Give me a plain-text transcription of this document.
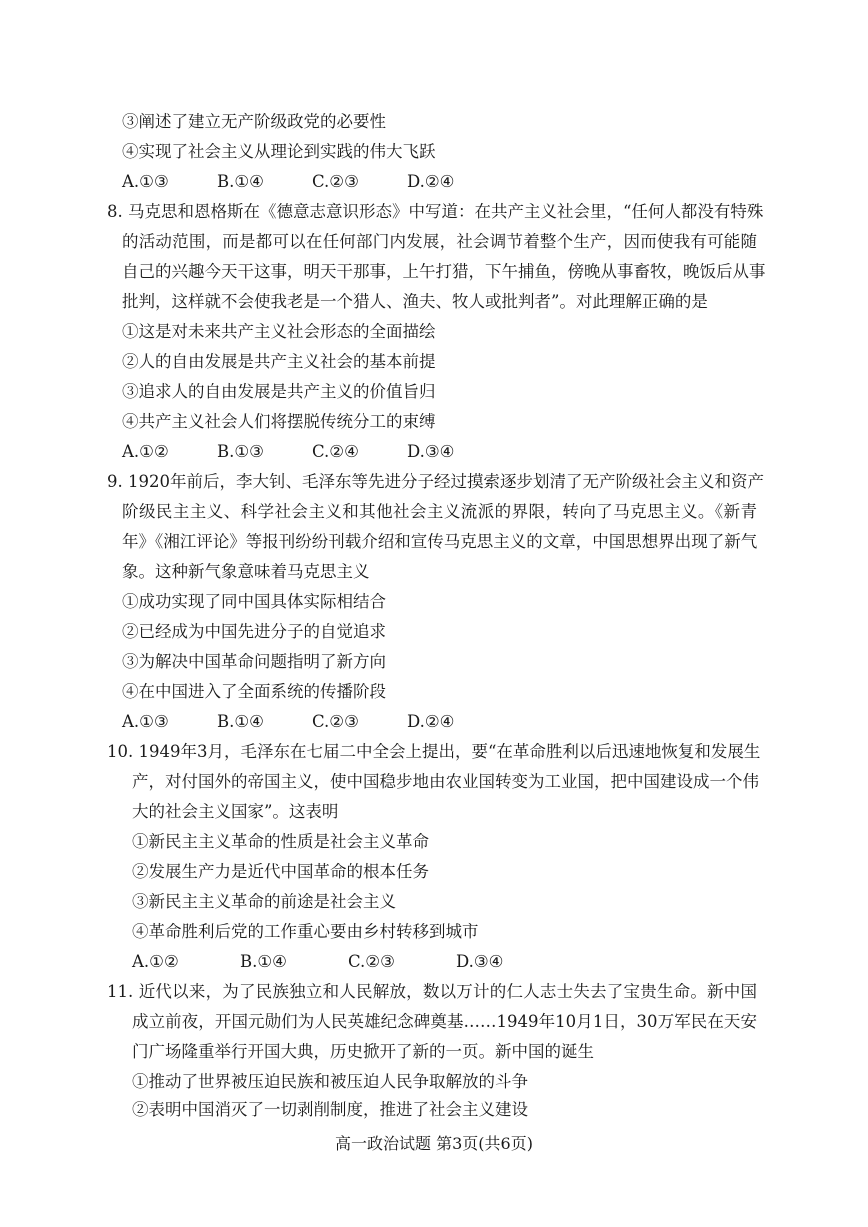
③阐述了建立无产阶级政党的必要性
④实现了社会主义从理论到实践的伟大飞跃
A.①③	B.①④	C.②③	D.②④
8. 马克思和恩格斯在《德意志意识形态》中写道：在共产主义社会里，“任何人都没有特殊
的活动范围，而是都可以在任何部门内发展，社会调节着整个生产，因而使我有可能随
自己的兴趣今天干这事，明天干那事，上午打猎，下午捕鱼，傍晚从事畜牧，晚饭后从事
批判，这样就不会使我老是一个猎人、渔夫、牧人或批判者”。对此理解正确的是
①这是对未来共产主义社会形态的全面描绘
②人的自由发展是共产主义社会的基本前提
③追求人的自由发展是共产主义的价值旨归
④共产主义社会人们将摆脱传统分工的束缚
A.①②	B.①③	C.②④	D.③④
9. 1920年前后，李大钊、毛泽东等先进分子经过摸索逐步划清了无产阶级社会主义和资产
阶级民主主义、科学社会主义和其他社会主义流派的界限，转向了马克思主义。《新青
年》《湘江评论》等报刊纷纷刊载介绍和宣传马克思主义的文章，中国思想界出现了新气
象。这种新气象意味着马克思主义
①成功实现了同中国具体实际相结合
②已经成为中国先进分子的自觉追求
③为解决中国革命问题指明了新方向
④在中国进入了全面系统的传播阶段
A.①③	B.①④	C.②③	D.②④
10. 1949年3月，毛泽东在七届二中全会上提出，要“在革命胜利以后迅速地恢复和发展生
产，对付国外的帝国主义，使中国稳步地由农业国转变为工业国，把中国建设成一个伟
大的社会主义国家”。这表明
①新民主主义革命的性质是社会主义革命
②发展生产力是近代中国革命的根本任务
③新民主主义革命的前途是社会主义
④革命胜利后党的工作重心要由乡村转移到城市
A.①②	B.①④	C.②③	D.③④
11. 近代以来，为了民族独立和人民解放，数以万计的仁人志士失去了宝贵生命。新中国
成立前夜，开国元勋们为人民英雄纪念碑奠基……1949年10月1日，30万军民在天安
门广场隆重举行开国大典，历史掀开了新的一页。新中国的诞生
①推动了世界被压迫民族和被压迫人民争取解放的斗争
②表明中国消灭了一切剥削制度，推进了社会主义建设
高一政治试题 第3页(共6页)
